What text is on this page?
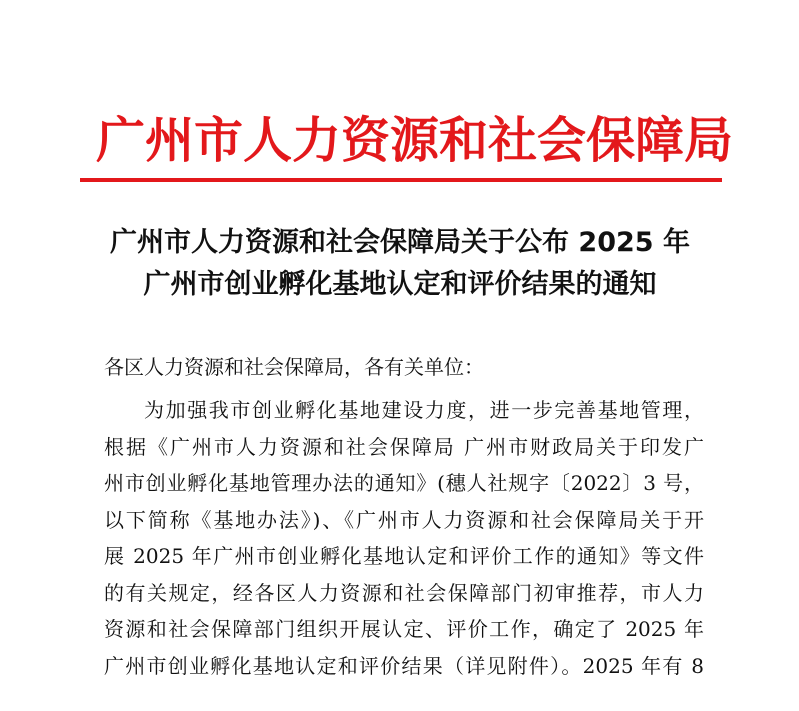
广州市人力资源和社会保障局
广州市人力资源和社会保障局关于公布 2025 年
广州市创业孵化基地认定和评价结果的通知
各区人力资源和社会保障局，各有关单位：
为加强我市创业孵化基地建设力度，进一步完善基地管理，
根据《广州市人力资源和社会保障局 广州市财政局关于印发广
州市创业孵化基地管理办法的通知》(穗人社规字〔2022〕3 号，
以下简称《基地办法》)、《广州市人力资源和社会保障局关于开
展 2025 年广州市创业孵化基地认定和评价工作的通知》等文件
的有关规定，经各区人力资源和社会保障部门初审推荐，市人力
资源和社会保障部门组织开展认定、评价工作，确定了 2025 年
广州市创业孵化基地认定和评价结果（详见附件）。2025 年有 8
